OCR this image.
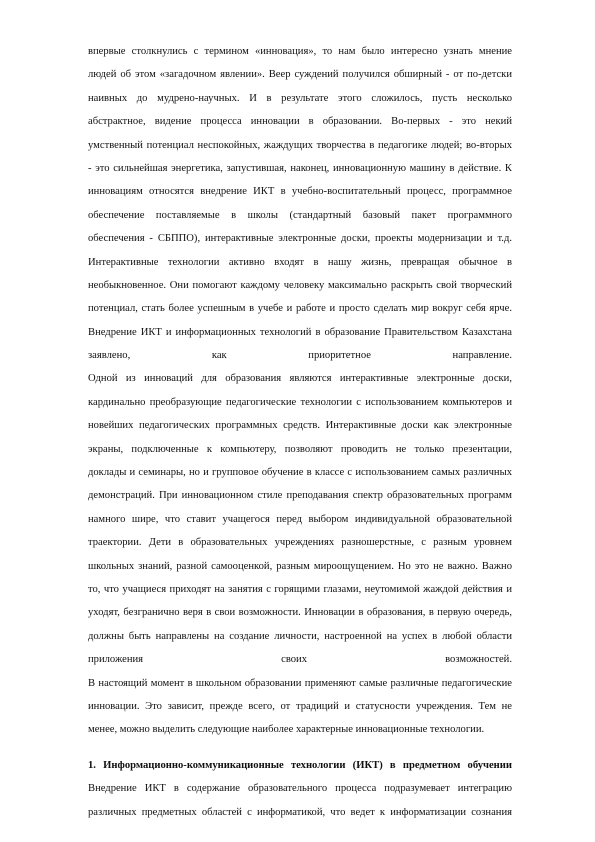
впервые столкнулись с термином «инновация», то нам было интересно узнать мнение
людей об этом «загадочном явлении». Веер суждений получился обширный - от по-детски
наивных до мудрено-научных. И в результате этого сложилось, пусть несколько
абстрактное, видение процесса инновации в образовании. Во-первых - это некий
умственный потенциал неспокойных, жаждущих творчества в педагогике людей; во-вторых
- это сильнейшая энергетика, запустившая, наконец, инновационную машину в действие. К
инновациям относятся внедрение ИКТ в учебно-воспитательный процесс, программное
обеспечение поставляемые в школы (стандартный базовый пакет программного
обеспечения - СБППО), интерактивные электронные доски, проекты модернизации и т.д.
Интерактивные технологии активно входят в нашу жизнь, превращая обычное в
необыкновенное. Они помогают каждому человеку максимально раскрыть свой творческий
потенциал, стать более успешным в учебе и работе и просто сделать мир вокруг себя ярче.
Внедрение ИКТ и информационных технологий в образование Правительством Казахстана
заявлено, как приоритетное направление.
Одной из инноваций для образования являются интерактивные электронные доски,
кардинально преобразующие педагогические технологии с использованием компьютеров и
новейших педагогических программных средств. Интерактивные доски как электронные
экраны, подключенные к компьютеру, позволяют проводить не только презентации,
доклады и семинары, но и групповое обучение в классе с использованием самых различных
демонстраций. При инновационном стиле преподавания спектр образовательных программ
намного шире, что ставит учащегося перед выбором индивидуальной образовательной
траектории. Дети в образовательных учреждениях разношерстные, с разным уровнем
школьных знаний, разной самооценкой, разным мироощущением. Но это не важно. Важно
то, что учащиеся приходят на занятия с горящими глазами, неутомимой жаждой действия и
уходят, безгранично веря в свои возможности. Инновации в образования, в первую очередь,
должны быть направлены на создание личности, настроенной на успех в любой области
приложения своих возможностей.
В настоящий момент в школьном образовании применяют самые различные педагогические
инновации. Это зависит, прежде всего, от традиций и статусности учреждения. Тем не
менее, можно выделить следующие наиболее характерные инновационные технологии.
1. Информационно-коммуникационные технологии (ИКТ) в предметном обучении
Внедрение ИКТ в содержание образовательного процесса подразумевает интеграцию
различных предметных областей с информатикой, что ведет к информатизации сознания
